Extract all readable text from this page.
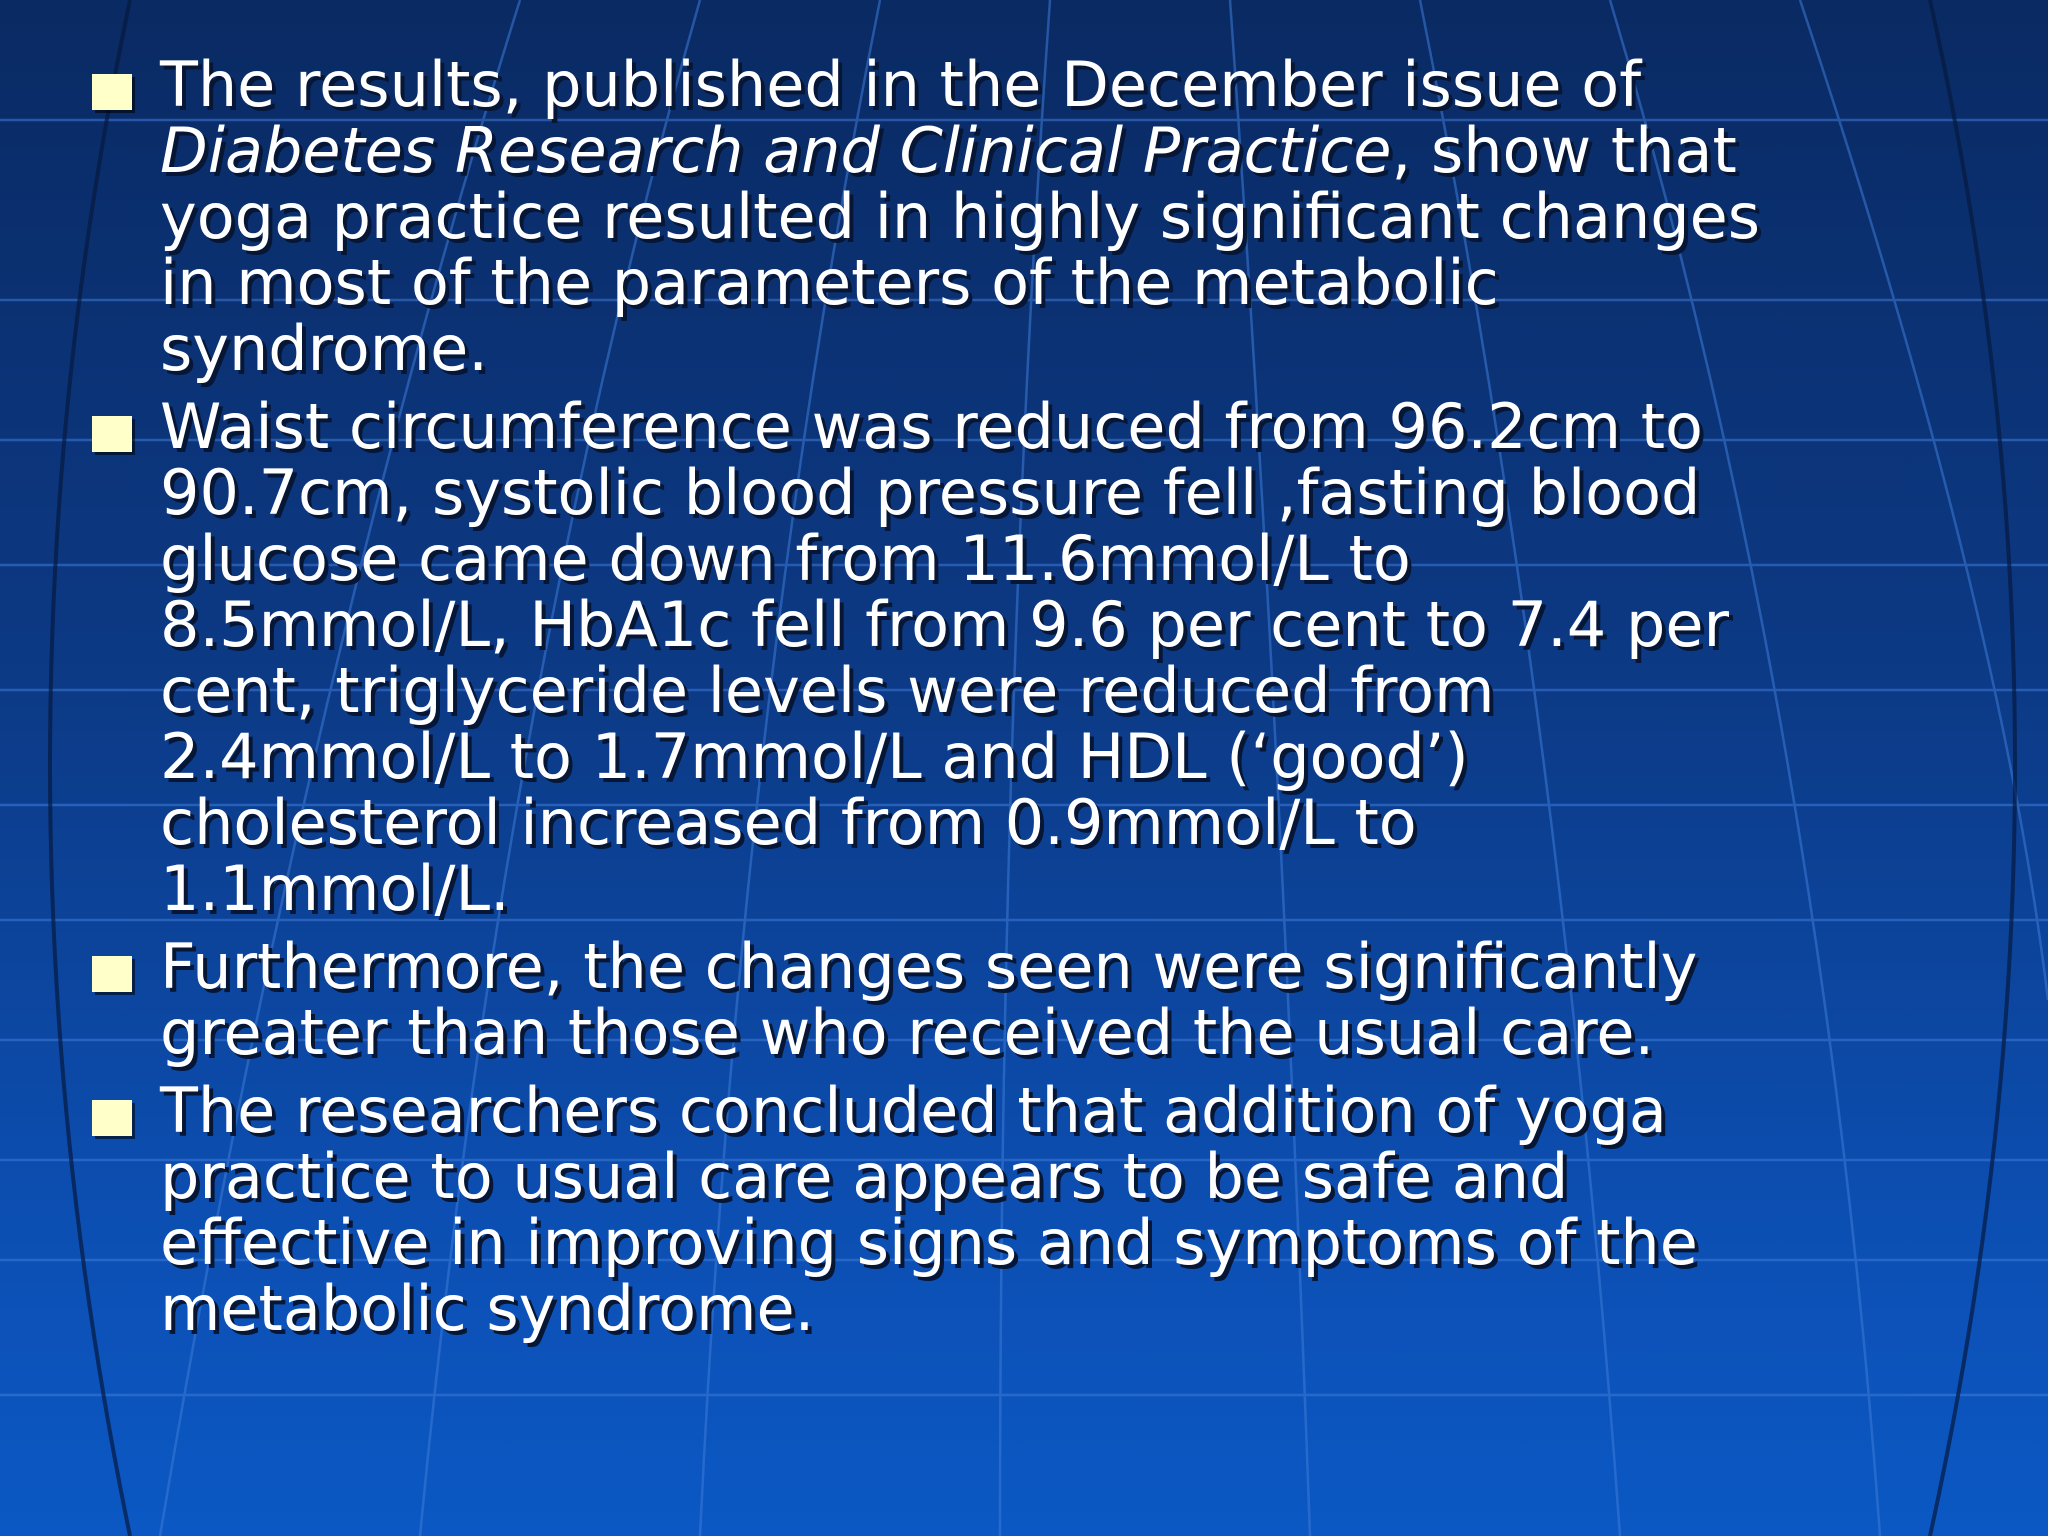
The results, published in the December issue of
Diabetes Research and Clinical Practice, show that
yoga practice resulted in highly significant changes
in most of the parameters of the metabolic
syndrome.
Waist circumference was reduced from 96.2cm to
90.7cm, systolic blood pressure fell ,fasting blood
glucose came down from 11.6mmol/L to
8.5mmol/L, HbA1c fell from 9.6 per cent to 7.4 per
cent, triglyceride levels were reduced from
2.4mmol/L to 1.7mmol/L and HDL (‘good’)
cholesterol increased from 0.9mmol/L to
1.1mmol/L.
Furthermore, the changes seen were significantly
greater than those who received the usual care.
The researchers concluded that addition of yoga
practice to usual care appears to be safe and
effective in improving signs and symptoms of the
metabolic syndrome.
